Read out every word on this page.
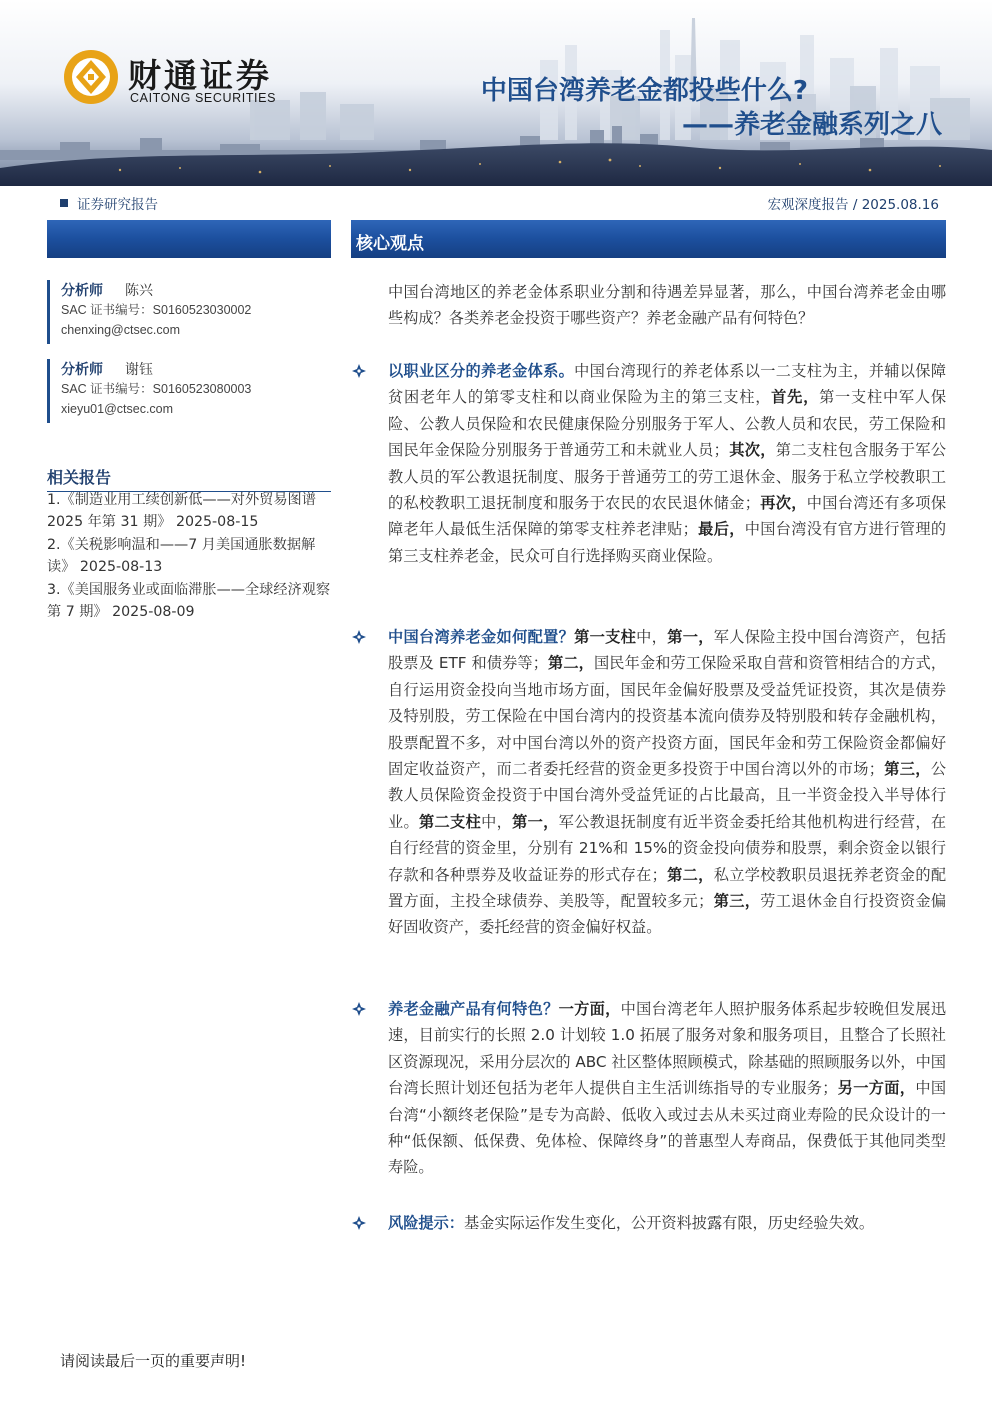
财通证券
CAITONG SECURITIES	中国台湾养老金都投些什么?
——养老金融系列之八
证券研究报告	宏观深度报告 / 2025.08.16
核心观点
分析师 陈兴
SAC 证书编号：S0160523030002
chenxing@ctsec.com
分析师 谢钰
SAC 证书编号：S0160523080003
xieyu01@ctsec.com
相关报告
1.《制造业用工续创新低——对外贸易图谱 2025 年第 31 期》 2025-08-15
2.《关税影响温和——7 月美国通胀数据解读》 2025-08-13
3.《美国服务业或面临滞胀——全球经济观察第 7 期》 2025-08-09
中国台湾地区的养老金体系职业分割和待遇差异显著，那么，中国台湾养老金由哪些构成？各类养老金投资于哪些资产？养老金融产品有何特色？
以职业区分的养老金体系。中国台湾现行的养老体系以一二支柱为主，并辅以保障贫困老年人的第零支柱和以商业保险为主的第三支柱，首先，第一支柱中军人保险、公教人员保险和农民健康保险分别服务于军人、公教人员和农民，劳工保险和国民年金保险分别服务于普通劳工和未就业人员；其次，第二支柱包含服务于军公教人员的军公教退抚制度、服务于普通劳工的劳工退休金、服务于私立学校教职工的私校教职工退抚制度和服务于农民的农民退休储金；再次，中国台湾还有多项保障老年人最低生活保障的第零支柱养老津贴；最后，中国台湾没有官方进行管理的第三支柱养老金，民众可自行选择购买商业保险。
中国台湾养老金如何配置？第一支柱中，第一，军人保险主投中国台湾资产，包括股票及 ETF 和债券等；第二，国民年金和劳工保险采取自营和资管相结合的方式，自行运用资金投向当地市场方面，国民年金偏好股票及受益凭证投资，其次是债券及特别股，劳工保险在中国台湾内的投资基本流向债券及特别股和转存金融机构，股票配置不多，对中国台湾以外的资产投资方面，国民年金和劳工保险资金都偏好固定收益资产，而二者委托经营的资金更多投资于中国台湾以外的市场；第三，公教人员保险资金投资于中国台湾外受益凭证的占比最高，且一半资金投入半导体行业。第二支柱中，第一，军公教退抚制度有近半资金委托给其他机构进行经营，在自行经营的资金里，分别有 21%和 15%的资金投向债券和股票，剩余资金以银行存款和各种票券及收益证券的形式存在；第二，私立学校教职员退抚养老资金的配置方面，主投全球债券、美股等，配置较多元；第三，劳工退休金自行投资资金偏好固收资产，委托经营的资金偏好权益。
养老金融产品有何特色？一方面，中国台湾老年人照护服务体系起步较晚但发展迅速，目前实行的长照 2.0 计划较 1.0 拓展了服务对象和服务项目，且整合了长照社区资源现况，采用分层次的 ABC 社区整体照顾模式，除基础的照顾服务以外，中国台湾长照计划还包括为老年人提供自主生活训练指导的专业服务；另一方面，中国台湾“小额终老保险”是专为高龄、低收入或过去从未买过商业寿险的民众设计的一种“低保额、低保费、免体检、保障终身”的普惠型人寿商品，保费低于其他同类型寿险。
风险提示：基金实际运作发生变化，公开资料披露有限，历史经验失效。
请阅读最后一页的重要声明!
